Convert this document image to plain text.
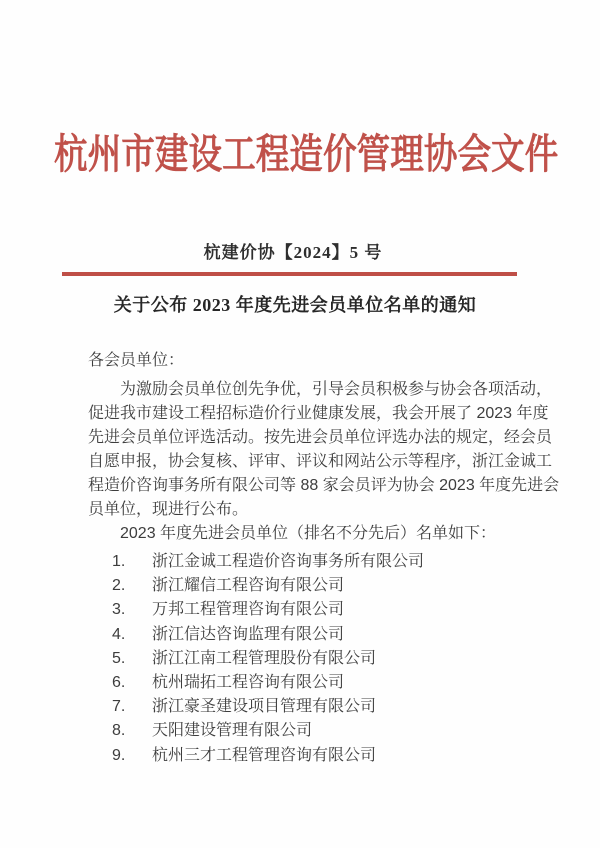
杭州市建设工程造价管理协会文件
杭建价协【2024】5 号
关于公布 2023 年度先进会员单位名单的通知
各会员单位：
为激励会员单位创先争优，引导会员积极参与协会各项活动，
促进我市建设工程招标造价行业健康发展，我会开展了 2023 年度
先进会员单位评选活动。按先进会员单位评选办法的规定，经会员
自愿申报，协会复核、评审、评议和网站公示等程序，浙江金诚工
程造价咨询事务所有限公司等 88 家会员评为协会 2023 年度先进会
员单位，现进行公布。
2023 年度先进会员单位（排名不分先后）名单如下：
1.	浙江金诚工程造价咨询事务所有限公司
2.	浙江耀信工程咨询有限公司
3.	万邦工程管理咨询有限公司
4.	浙江信达咨询监理有限公司
5.	浙江江南工程管理股份有限公司
6.	杭州瑞拓工程咨询有限公司
7.	浙江豪圣建设项目管理有限公司
8.	天阳建设管理有限公司
9.	杭州三才工程管理咨询有限公司
